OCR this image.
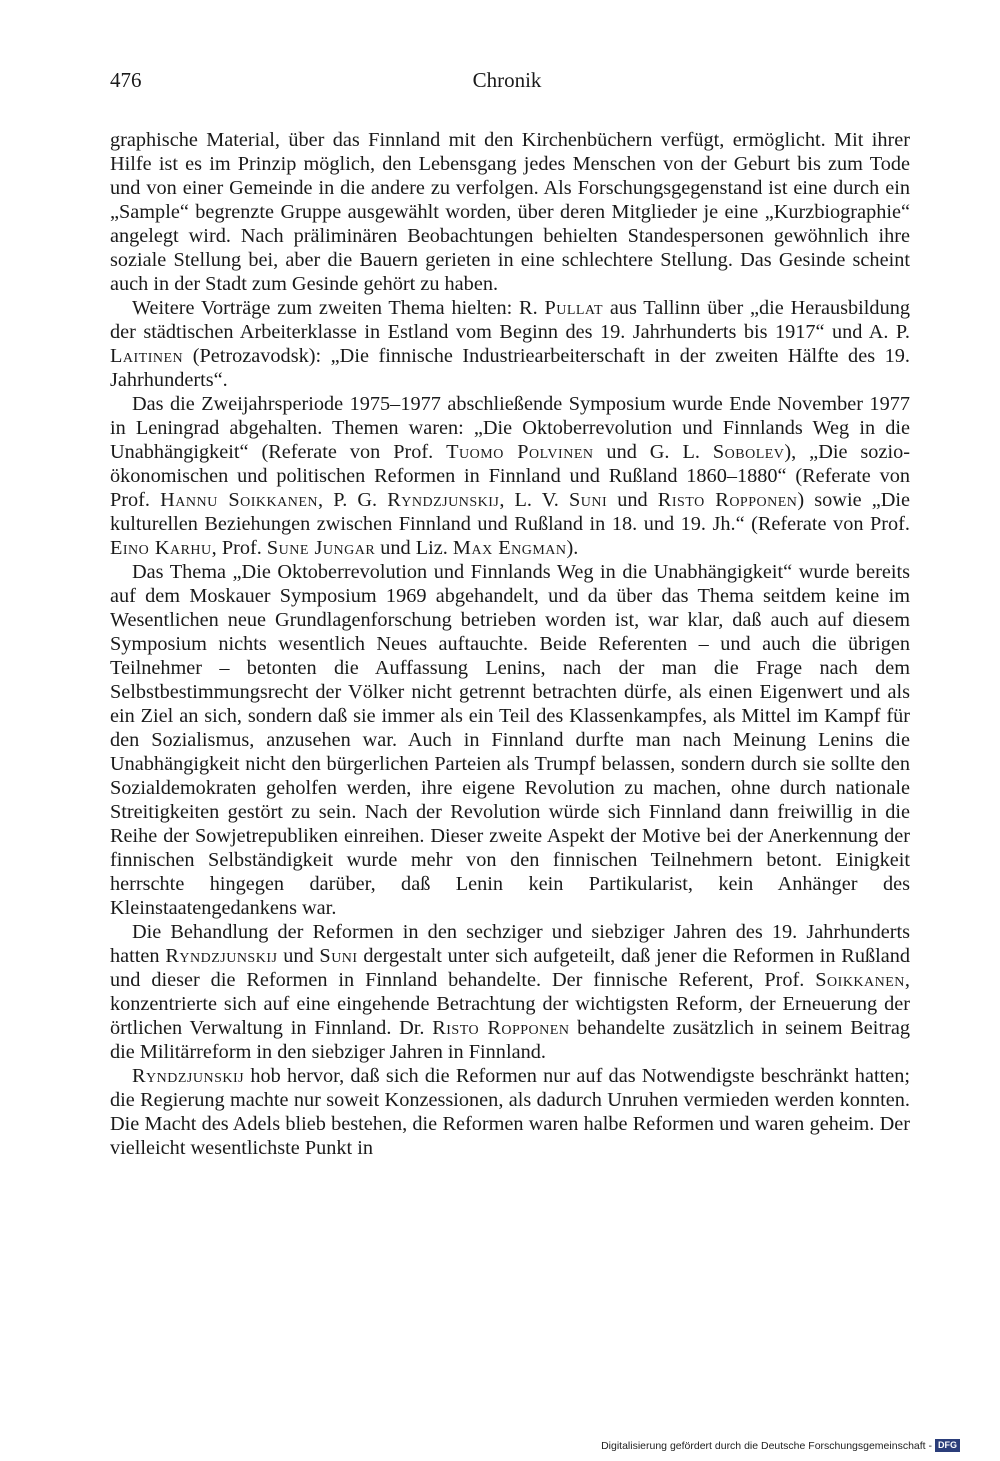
476	Chronik

graphische Material, über das Finnland mit den Kirchenbüchern verfügt, ermöglicht. Mit ihrer Hilfe ist es im Prinzip möglich, den Lebensgang jedes Menschen von der Geburt bis zum Tode und von einer Gemeinde in die andere zu verfolgen. Als Forschungsgegenstand ist eine durch ein „Sample“ begrenzte Gruppe ausgewählt worden, über deren Mitglieder je eine „Kurzbiographie“ angelegt wird. Nach präliminären Beobachtungen behielten Standespersonen gewöhnlich ihre soziale Stellung bei, aber die Bauern gerieten in eine schlechtere Stellung. Das Gesinde scheint auch in der Stadt zum Gesinde gehört zu haben.

Weitere Vorträge zum zweiten Thema hielten: R. Pullat aus Tallinn über „die Herausbildung der städtischen Arbeiterklasse in Estland vom Beginn des 19. Jahrhunderts bis 1917“ und A. P. Laitinen (Petrozavodsk): „Die finnische Industriearbeiterschaft in der zweiten Hälfte des 19. Jahrhunderts“.

Das die Zweijahrsperiode 1975–1977 abschließende Symposium wurde Ende November 1977 in Leningrad abgehalten. Themen waren: „Die Oktoberrevolution und Finnlands Weg in die Unabhängigkeit“ (Referate von Prof. Tuomo Polvinen und G. L. Sobolev), „Die sozio-ökonomischen und politischen Reformen in Finnland und Rußland 1860–1880“ (Referate von Prof. Hannu Soikkanen, P. G. Ryndzjunskij, L. V. Suni und Risto Ropponen) sowie „Die kulturellen Beziehungen zwischen Finnland und Rußland in 18. und 19. Jh.“ (Referate von Prof. Eino Karhu, Prof. Sune Jungar und Liz. Max Engman).

Das Thema „Die Oktoberrevolution und Finnlands Weg in die Unabhängigkeit“ wurde bereits auf dem Moskauer Symposium 1969 abgehandelt, und da über das Thema seitdem keine im Wesentlichen neue Grundlagenforschung betrieben worden ist, war klar, daß auch auf diesem Symposium nichts wesentlich Neues auftauchte. Beide Referenten – und auch die übrigen Teilnehmer – betonten die Auffassung Lenins, nach der man die Frage nach dem Selbstbestimmungsrecht der Völker nicht getrennt betrachten dürfe, als einen Eigenwert und als ein Ziel an sich, sondern daß sie immer als ein Teil des Klassenkampfes, als Mittel im Kampf für den Sozialismus, anzusehen war. Auch in Finnland durfte man nach Meinung Lenins die Unabhängigkeit nicht den bürgerlichen Parteien als Trumpf belassen, sondern durch sie sollte den Sozialdemokraten geholfen werden, ihre eigene Revolution zu machen, ohne durch nationale Streitigkeiten gestört zu sein. Nach der Revolution würde sich Finnland dann freiwillig in die Reihe der Sowjetrepubliken einreihen. Dieser zweite Aspekt der Motive bei der Anerkennung der finnischen Selbständigkeit wurde mehr von den finnischen Teilnehmern betont. Einigkeit herrschte hingegen darüber, daß Lenin kein Partikularist, kein Anhänger des Kleinstaatengedankens war.

Die Behandlung der Reformen in den sechziger und siebziger Jahren des 19. Jahrhunderts hatten Ryndzjunskij und Suni dergestalt unter sich aufgeteilt, daß jener die Reformen in Rußland und dieser die Reformen in Finnland behandelte. Der finnische Referent, Prof. Soikkanen, konzentrierte sich auf eine eingehende Betrachtung der wichtigsten Reform, der Erneuerung der örtlichen Verwaltung in Finnland. Dr. Risto Ropponen behandelte zusätzlich in seinem Beitrag die Militärreform in den siebziger Jahren in Finnland.

Ryndzjunskij hob hervor, daß sich die Reformen nur auf das Notwendigste beschränkt hatten; die Regierung machte nur soweit Konzessionen, als dadurch Unruhen vermieden werden konnten. Die Macht des Adels blieb bestehen, die Reformen waren halbe Reformen und waren geheim. Der vielleicht wesentlichste Punkt in

Digitalisierung gefördert durch die Deutsche Forschungsgemeinschaft - DFG
